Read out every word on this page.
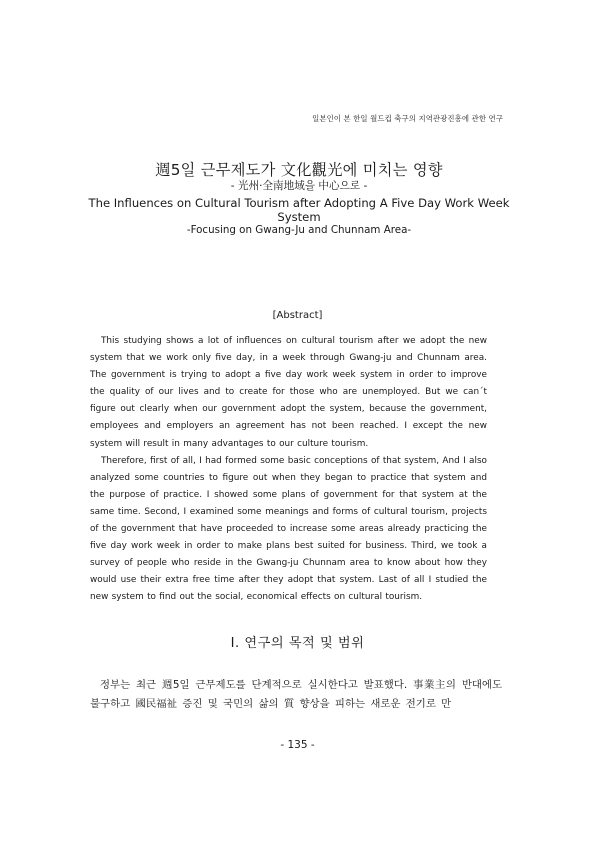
일본인이 본 한일 월드컵 축구의 지역관광진흥에 관한 연구
週5일 근무제도가 文化觀光에 미치는 영향
- 光州·全南地域을 中心으로 -
The Influences on Cultural Tourism after Adopting A Five Day Work Week System
-Focusing on Gwang-Ju and Chunnam Area-
[Abstract]

This studying shows a lot of influences on cultural tourism after we adopt the new system that we work only five day, in a week through Gwang-ju and Chunnam area. The government is trying to adopt a five day work week system in order to improve the quality of our lives and to create for those who are unemployed. But we can´t figure out clearly when our government adopt the system, because the government, employees and employers an agreement has not been reached. I except the new system will result in many advantages to our culture tourism.

Therefore, first of all, I had formed some basic conceptions of that system, And I also analyzed some countries to figure out when they began to practice that system and the purpose of practice. I showed some plans of government for that system at the same time. Second, I examined some meanings and forms of cultural tourism, projects of the government that have proceeded to increase some areas already practicing the five day work week in order to make plans best suited for business. Third, we took a survey of people who reside in the Gwang-ju Chunnam area to know about how they would use their extra free time after they adopt that system. Last of all I studied the new system to find out the social, economical effects on cultural tourism.

Ⅰ. 연구의 목적 및 범위

정부는 최근 週5일 근무제도를 단계적으로 실시한다고 발표했다. 事業主의 반대에도 불구하고 國民福祉 증진 및 국민의 삶의 質 향상을 피하는 새로운 전기로 만

- 135 -
